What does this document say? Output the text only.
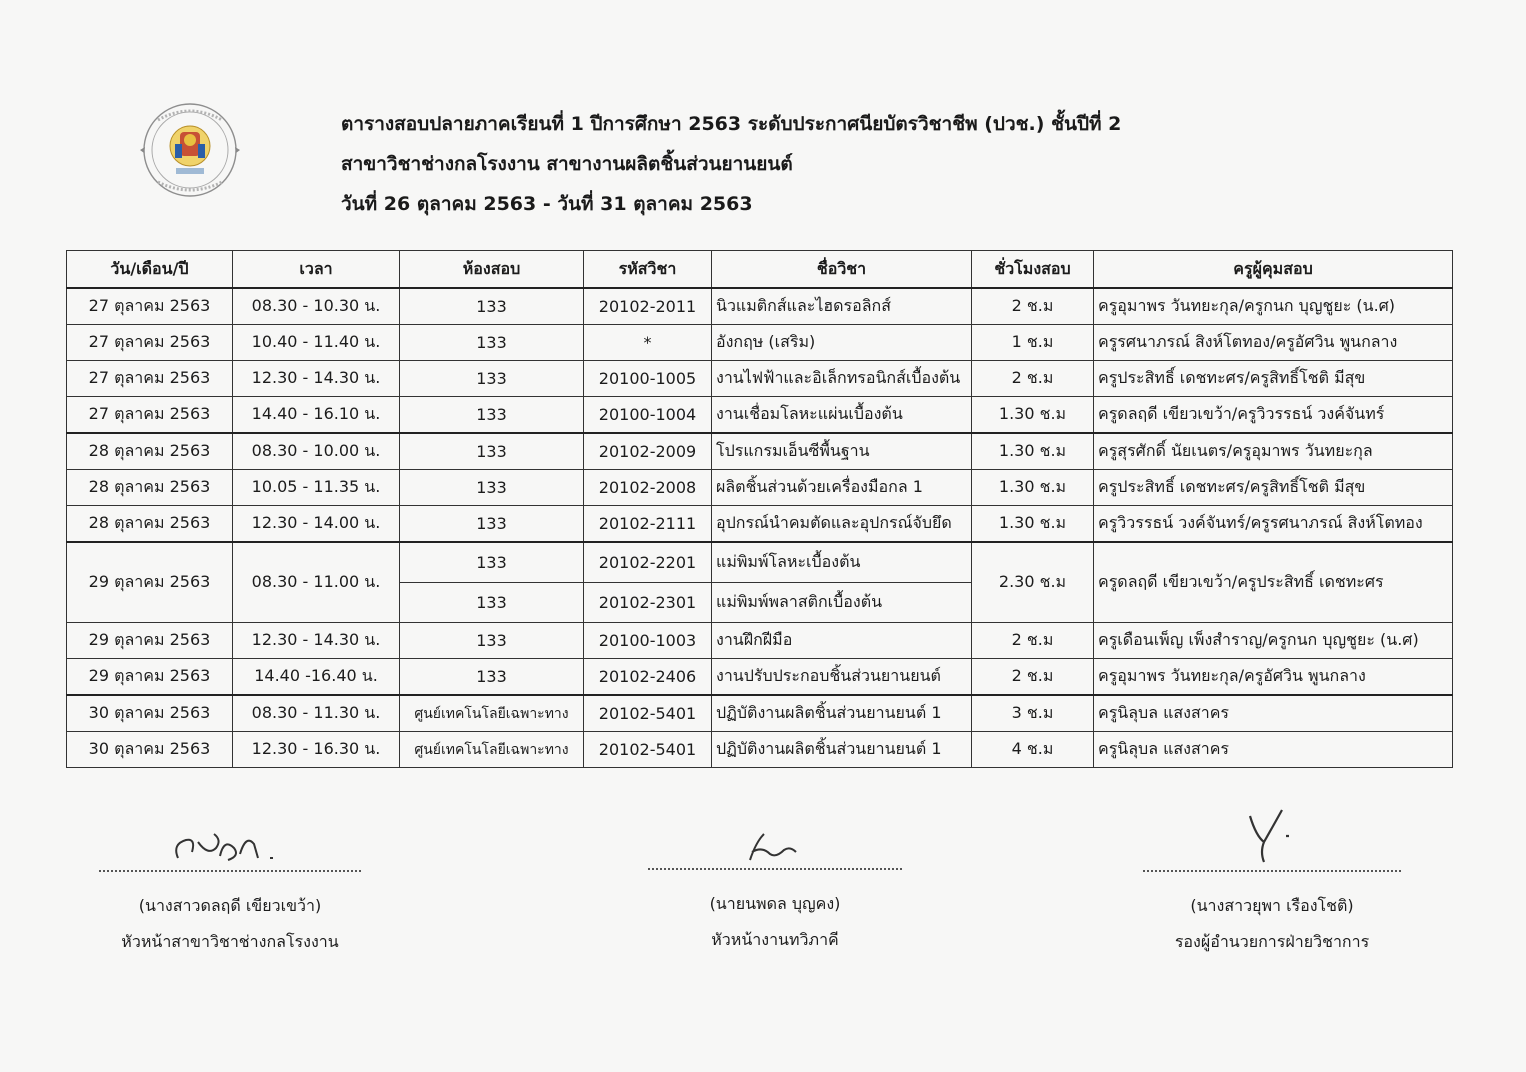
ตารางสอบปลายภาคเรียนที่ 1 ปีการศึกษา 2563 ระดับประกาศนียบัตรวิชาชีพ (ปวช.) ชั้นปีที่ 2
สาขาวิชาช่างกลโรงงาน สาขางานผลิตชิ้นส่วนยานยนต์
วันที่ 26 ตุลาคม 2563 - วันที่ 31 ตุลาคม 2563
วัน/เดือน/ปี	เวลา	ห้องสอบ	รหัสวิชา	ชื่อวิชา	ชั่วโมงสอบ	ครูผู้คุมสอบ
27 ตุลาคม 2563	08.30 - 10.30 น.	133	20102-2011	นิวแมติกส์และไฮดรอลิกส์	2 ช.ม	ครูอุมาพร วันทยะกุล/ครูกนก บุญชูยะ (น.ศ)
27 ตุลาคม 2563	10.40 - 11.40 น.	133	*	อังกฤษ (เสริม)	1 ช.ม	ครูรศนาภรณ์ สิงห์โตทอง/ครูอัศวิน พูนกลาง
27 ตุลาคม 2563	12.30 - 14.30 น.	133	20100-1005	งานไฟฟ้าและอิเล็กทรอนิกส์เบื้องต้น	2 ช.ม	ครูประสิทธิ์ เดชทะศร/ครูสิทธิ์โชติ มีสุข
27 ตุลาคม 2563	14.40 - 16.10 น.	133	20100-1004	งานเชื่อมโลหะแผ่นเบื้องต้น	1.30 ช.ม	ครูดลฤดี เขียวเขว้า/ครูวิวรรธน์ วงค์จันทร์
28 ตุลาคม 2563	08.30 - 10.00 น.	133	20102-2009	โปรแกรมเอ็นซีพื้นฐาน	1.30 ช.ม	ครูสุรศักดิ์ นัยเนตร/ครูอุมาพร วันทยะกุล
28 ตุลาคม 2563	10.05 - 11.35 น.	133	20102-2008	ผลิตชิ้นส่วนด้วยเครื่องมือกล 1	1.30 ช.ม	ครูประสิทธิ์ เดชทะศร/ครูสิทธิ์โชติ มีสุข
28 ตุลาคม 2563	12.30 - 14.00 น.	133	20102-2111	อุปกรณ์นำคมตัดและอุปกรณ์จับยึด	1.30 ช.ม	ครูวิวรรธน์ วงค์จันทร์/ครูรศนาภรณ์ สิงห์โตทอง
29 ตุลาคม 2563	08.30 - 11.00 น.	133	20102-2201	แม่พิมพ์โลหะเบื้องต้น	2.30 ช.ม	ครูดลฤดี เขียวเขว้า/ครูประสิทธิ์ เดชทะศร
		133	20102-2301	แม่พิมพ์พลาสติกเบื้องต้น		
29 ตุลาคม 2563	12.30 - 14.30 น.	133	20100-1003	งานฝึกฝีมือ	2 ช.ม	ครูเดือนเพ็ญ เพ็งสำราญ/ครูกนก บุญชูยะ (น.ศ)
29 ตุลาคม 2563	14.40 -16.40 น.	133	20102-2406	งานปรับประกอบชิ้นส่วนยานยนต์	2 ช.ม	ครูอุมาพร วันทยะกุล/ครูอัศวิน พูนกลาง
30 ตุลาคม 2563	08.30 - 11.30 น.	ศูนย์เทคโนโลยีเฉพาะทาง	20102-5401	ปฏิบัติงานผลิตชิ้นส่วนยานยนต์ 1	3 ช.ม	ครูนิลุบล แสงสาคร
30 ตุลาคม 2563	12.30 - 16.30 น.	ศูนย์เทคโนโลยีเฉพาะทาง	20102-5401	ปฏิบัติงานผลิตชิ้นส่วนยานยนต์ 1	4 ช.ม	ครูนิลุบล แสงสาคร
(นางสาวดลฤดี เขียวเขว้า)
หัวหน้าสาขาวิชาช่างกลโรงงาน
(นายนพดล บุญคง)
หัวหน้างานทวิภาคี
(นางสาวยุพา เรืองโชติ)
รองผู้อำนวยการฝ่ายวิชาการ
